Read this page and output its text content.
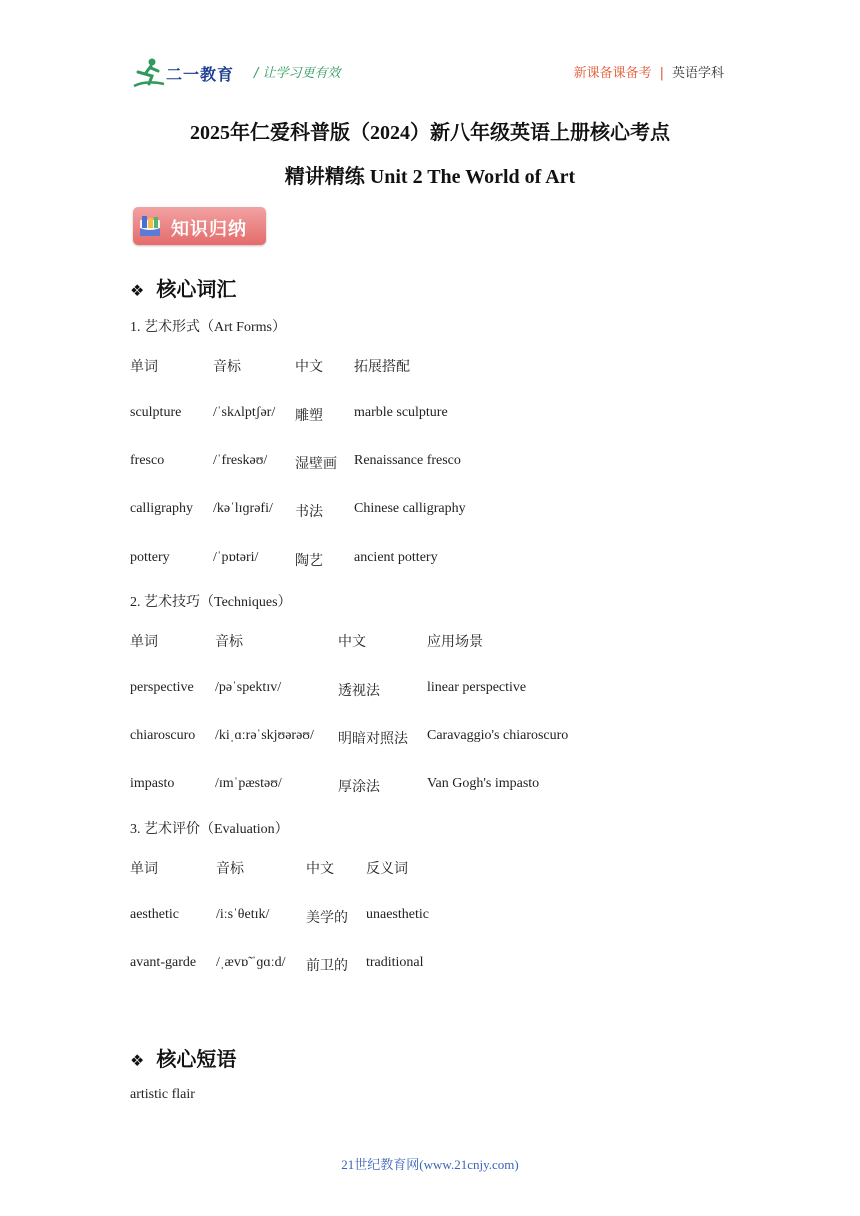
二一教育 / 让学习更有效	新课备课备考 | 英语学科
2025年仁爱科普版（2024）新八年级英语上册核心考点
精讲精练 Unit 2 The World of Art
知识归纳
❖ 核心词汇
1. 艺术形式（Art Forms）
单词	音标	中文 拓展搭配
sculpture /ˈskʌlptʃər/ 雕塑 marble sculpture
fresco	/ˈfreskəʊ/ 湿壁画 Renaissance fresco
calligraphy /kəˈlɪɡrəfi/ 书法 Chinese calligraphy
pottery	/ˈpɒtəri/	陶艺 ancient pottery
2. 艺术技巧（Techniques）
单词	音标	中文	应用场景
perspective /pəˈspektɪv/	透视法	linear perspective
chiaroscuro /kiˌɑːrəˈskjʊərəʊ/ 明暗对照法 Caravaggio's chiaroscuro
impasto	/ɪmˈpæstəʊ/	厚涂法	Van Gogh's impasto
3. 艺术评价（Evaluation）
单词	音标	中文 反义词
aesthetic	/iːsˈθetɪk/	美学的 unaesthetic
avant-garde /ˌævɒ̃ ˈɡɑːd/ 前卫的 traditional
❖ 核心短语
artistic flair
21世纪教育网(www.21cnjy.com)
